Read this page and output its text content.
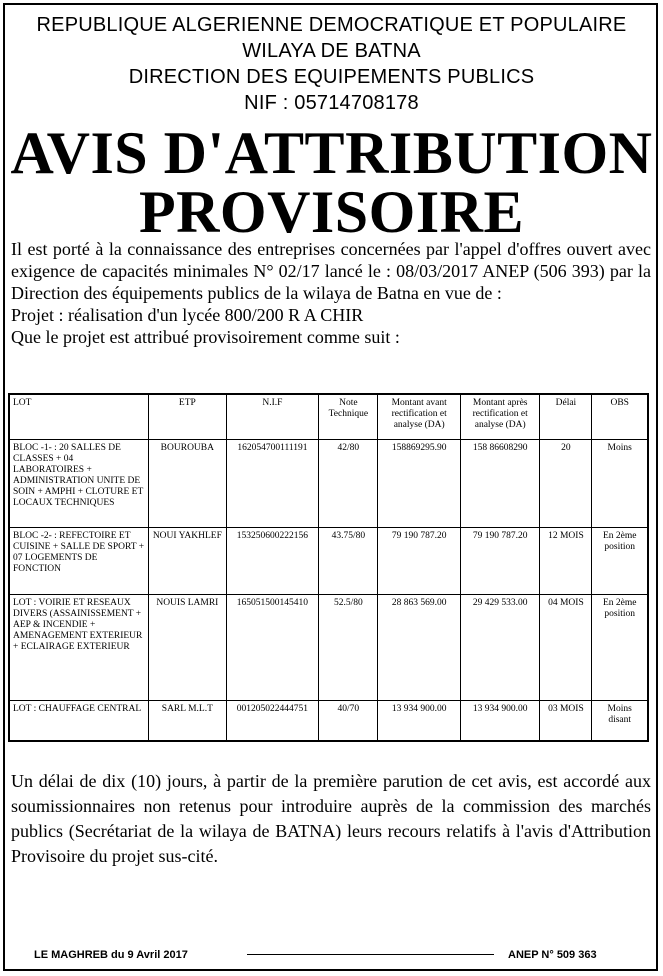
REPUBLIQUE ALGERIENNE DEMOCRATIQUE ET POPULAIRE
WILAYA DE BATNA
DIRECTION DES EQUIPEMENTS PUBLICS
NIF : 05714708178
AVIS D'ATTRIBUTION
PROVISOIRE

Il est porté à la connaissance des entreprises concernées par l'appel d'offres ouvert avec exigence de capacités minimales N° 02/17 lancé le : 08/03/2017 ANEP (506 393) par la Direction des équipements publics de la wilaya de Batna en vue de :

Projet : réalisation d'un lycée 800/200 R A CHIR

Que le projet est attribué provisoirement comme suit :

LOT	ETP	N.I.F	Note Technique	Montant avant rectification et analyse (DA)	Montant après rectification et analyse (DA)	Délai	OBS
BLOC -1- : 20 SALLES DE CLASSES + 04 LABORATOIRES + ADMINISTRATION UNITE DE SOIN + AMPHI + CLOTURE ET LOCAUX TECHNIQUES	BOUROUBA	162054700111191	42/80	158869295.90	158 86608290	20	Moins
BLOC -2- : REFECTOIRE ET CUISINE + SALLE DE SPORT + 07 LOGEMENTS DE FONCTION	NOUI YAKHLEF	153250600222156	43.75/80	79 190 787.20	79 190 787.20	12 MOIS	En 2ème position
LOT : VOIRIE ET RESEAUX DIVERS (ASSAINISSEMENT + AEP & INCENDIE + AMENAGEMENT EXTERIEUR + ECLAIRAGE EXTERIEUR	NOUIS LAMRI	165051500145410	52.5/80	28 863 569.00	29 429 533.00	04 MOIS	En 2ème position
LOT : CHAUFFAGE CENTRAL	SARL M.L.T	001205022444751	40/70	13 934 900.00	13 934 900.00	03 MOIS	Moins disant
Un délai de dix (10) jours, à partir de la première parution de cet avis, est accordé aux soumissionnaires non retenus pour introduire auprès de la commission des marchés publics (Secrétariat de la wilaya de BATNA) leurs recours relatifs à l'avis d'Attribution Provisoire du projet sus-cité.
LE MAGHREB du 9 Avril 2017	ANEP N° 509 363
